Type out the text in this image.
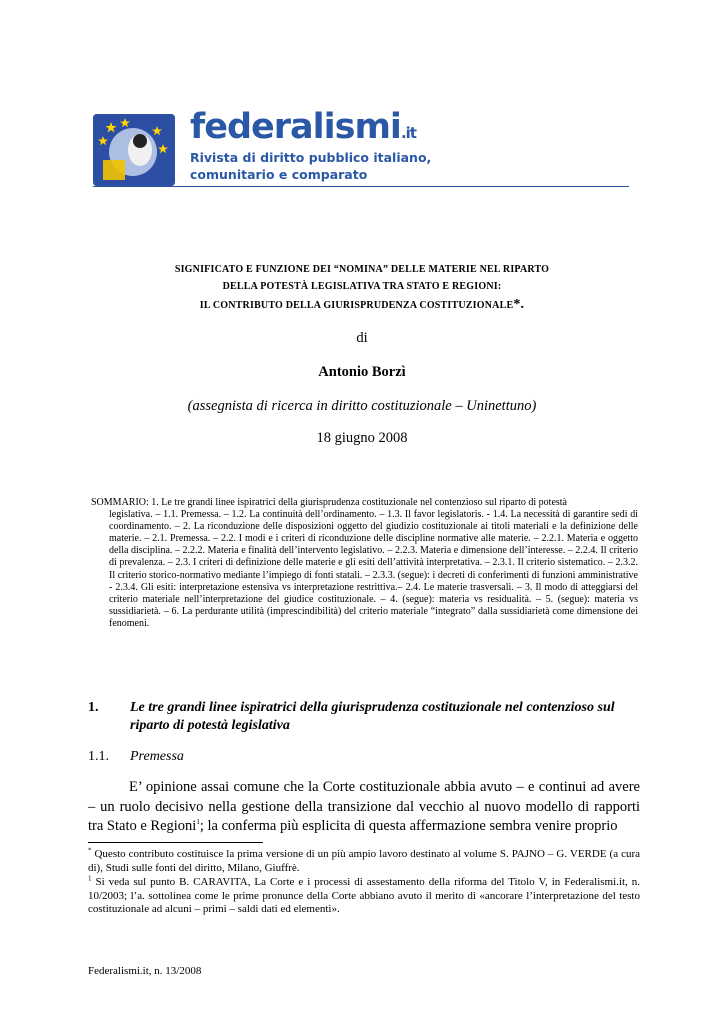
federalismi.it
Rivista di diritto pubblico italiano,
comunitario e comparato
SIGNIFICATO E FUNZIONE DEI “NOMINA” DELLE MATERIE NEL RIPARTO
DELLA POTESTÀ LEGISLATIVA TRA STATO E REGIONI:
IL CONTRIBUTO DELLA GIURISPRUDENZA COSTITUZIONALE*.
di
Antonio Borzì
(assegnista di ricerca in diritto costituzionale – Uninettuno)
18 giugno 2008
SOMMARIO: 1. Le tre grandi linee ispiratrici della giurisprudenza costituzionale nel contenzioso sul riparto di potestà
legislativa. – 1.1. Premessa. – 1.2. La continuità dell’ordinamento. – 1.3. Il favor legislatoris. - 1.4. La necessità di garantire sedi di coordinamento. – 2. La riconduzione delle disposizioni oggetto del giudizio costituzionale ai titoli materiali e la definizione delle materie. – 2.1. Premessa. – 2.2. I modi e i criteri di riconduzione delle discipline normative alle materie. – 2.2.1. Materia e oggetto della disciplina. – 2.2.2. Materia e finalità dell’intervento legislativo. – 2.2.3. Materia e dimensione dell’interesse. – 2.2.4. Il criterio di prevalenza. – 2.3. I criteri di definizione delle materie e gli esiti dell’attività interpretativa. – 2.3.1. Il criterio sistematico. – 2.3.2. Il criterio storico-normativo mediante l’impiego di fonti statali. – 2.3.3. (segue): i decreti di conferimenti di funzioni amministrative - 2.3.4. Gli esiti: interpretazione estensiva vs interpretazione restrittiva.– 2.4. Le materie trasversali. – 3. Il modo di atteggiarsi del criterio materiale nell’interpretazione del giudice costituzionale. – 4. (segue): materia vs residualità. – 5. (segue): materia vs sussidiarietà. – 6. La perdurante utilità (imprescindibilità) del criterio materiale “integrato” dalla sussidiarietà come dimensione dei fenomeni.
1. Le tre grandi linee ispiratrici della giurisprudenza costituzionale nel contenzioso sul riparto di potestà legislativa
1.1. Premessa
E’ opinione assai comune che la Corte costituzionale abbia avuto – e continui ad avere – un ruolo decisivo nella gestione della transizione dal vecchio al nuovo modello di rapporti tra Stato e Regioni$^1$; la conferma più esplicita di questa affermazione sembra venire proprio
* Questo contributo costituisce la prima versione di un più ampio lavoro destinato al volume S. PAJNO – G. VERDE (a cura di), Studi sulle fonti del diritto, Milano, Giuffrè.
$^1$ Si veda sul punto B. CARAVITA, La Corte e i processi di assestamento della riforma del Titolo V, in Federalismi.it, n. 10/2003; l’a. sottolinea come le prime pronunce della Corte abbiano avuto il merito di «ancorare l’interpretazione del testo costituzionale ad alcuni – primi – saldi dati ed elementi».
Federalismi.it, n. 13/2008
